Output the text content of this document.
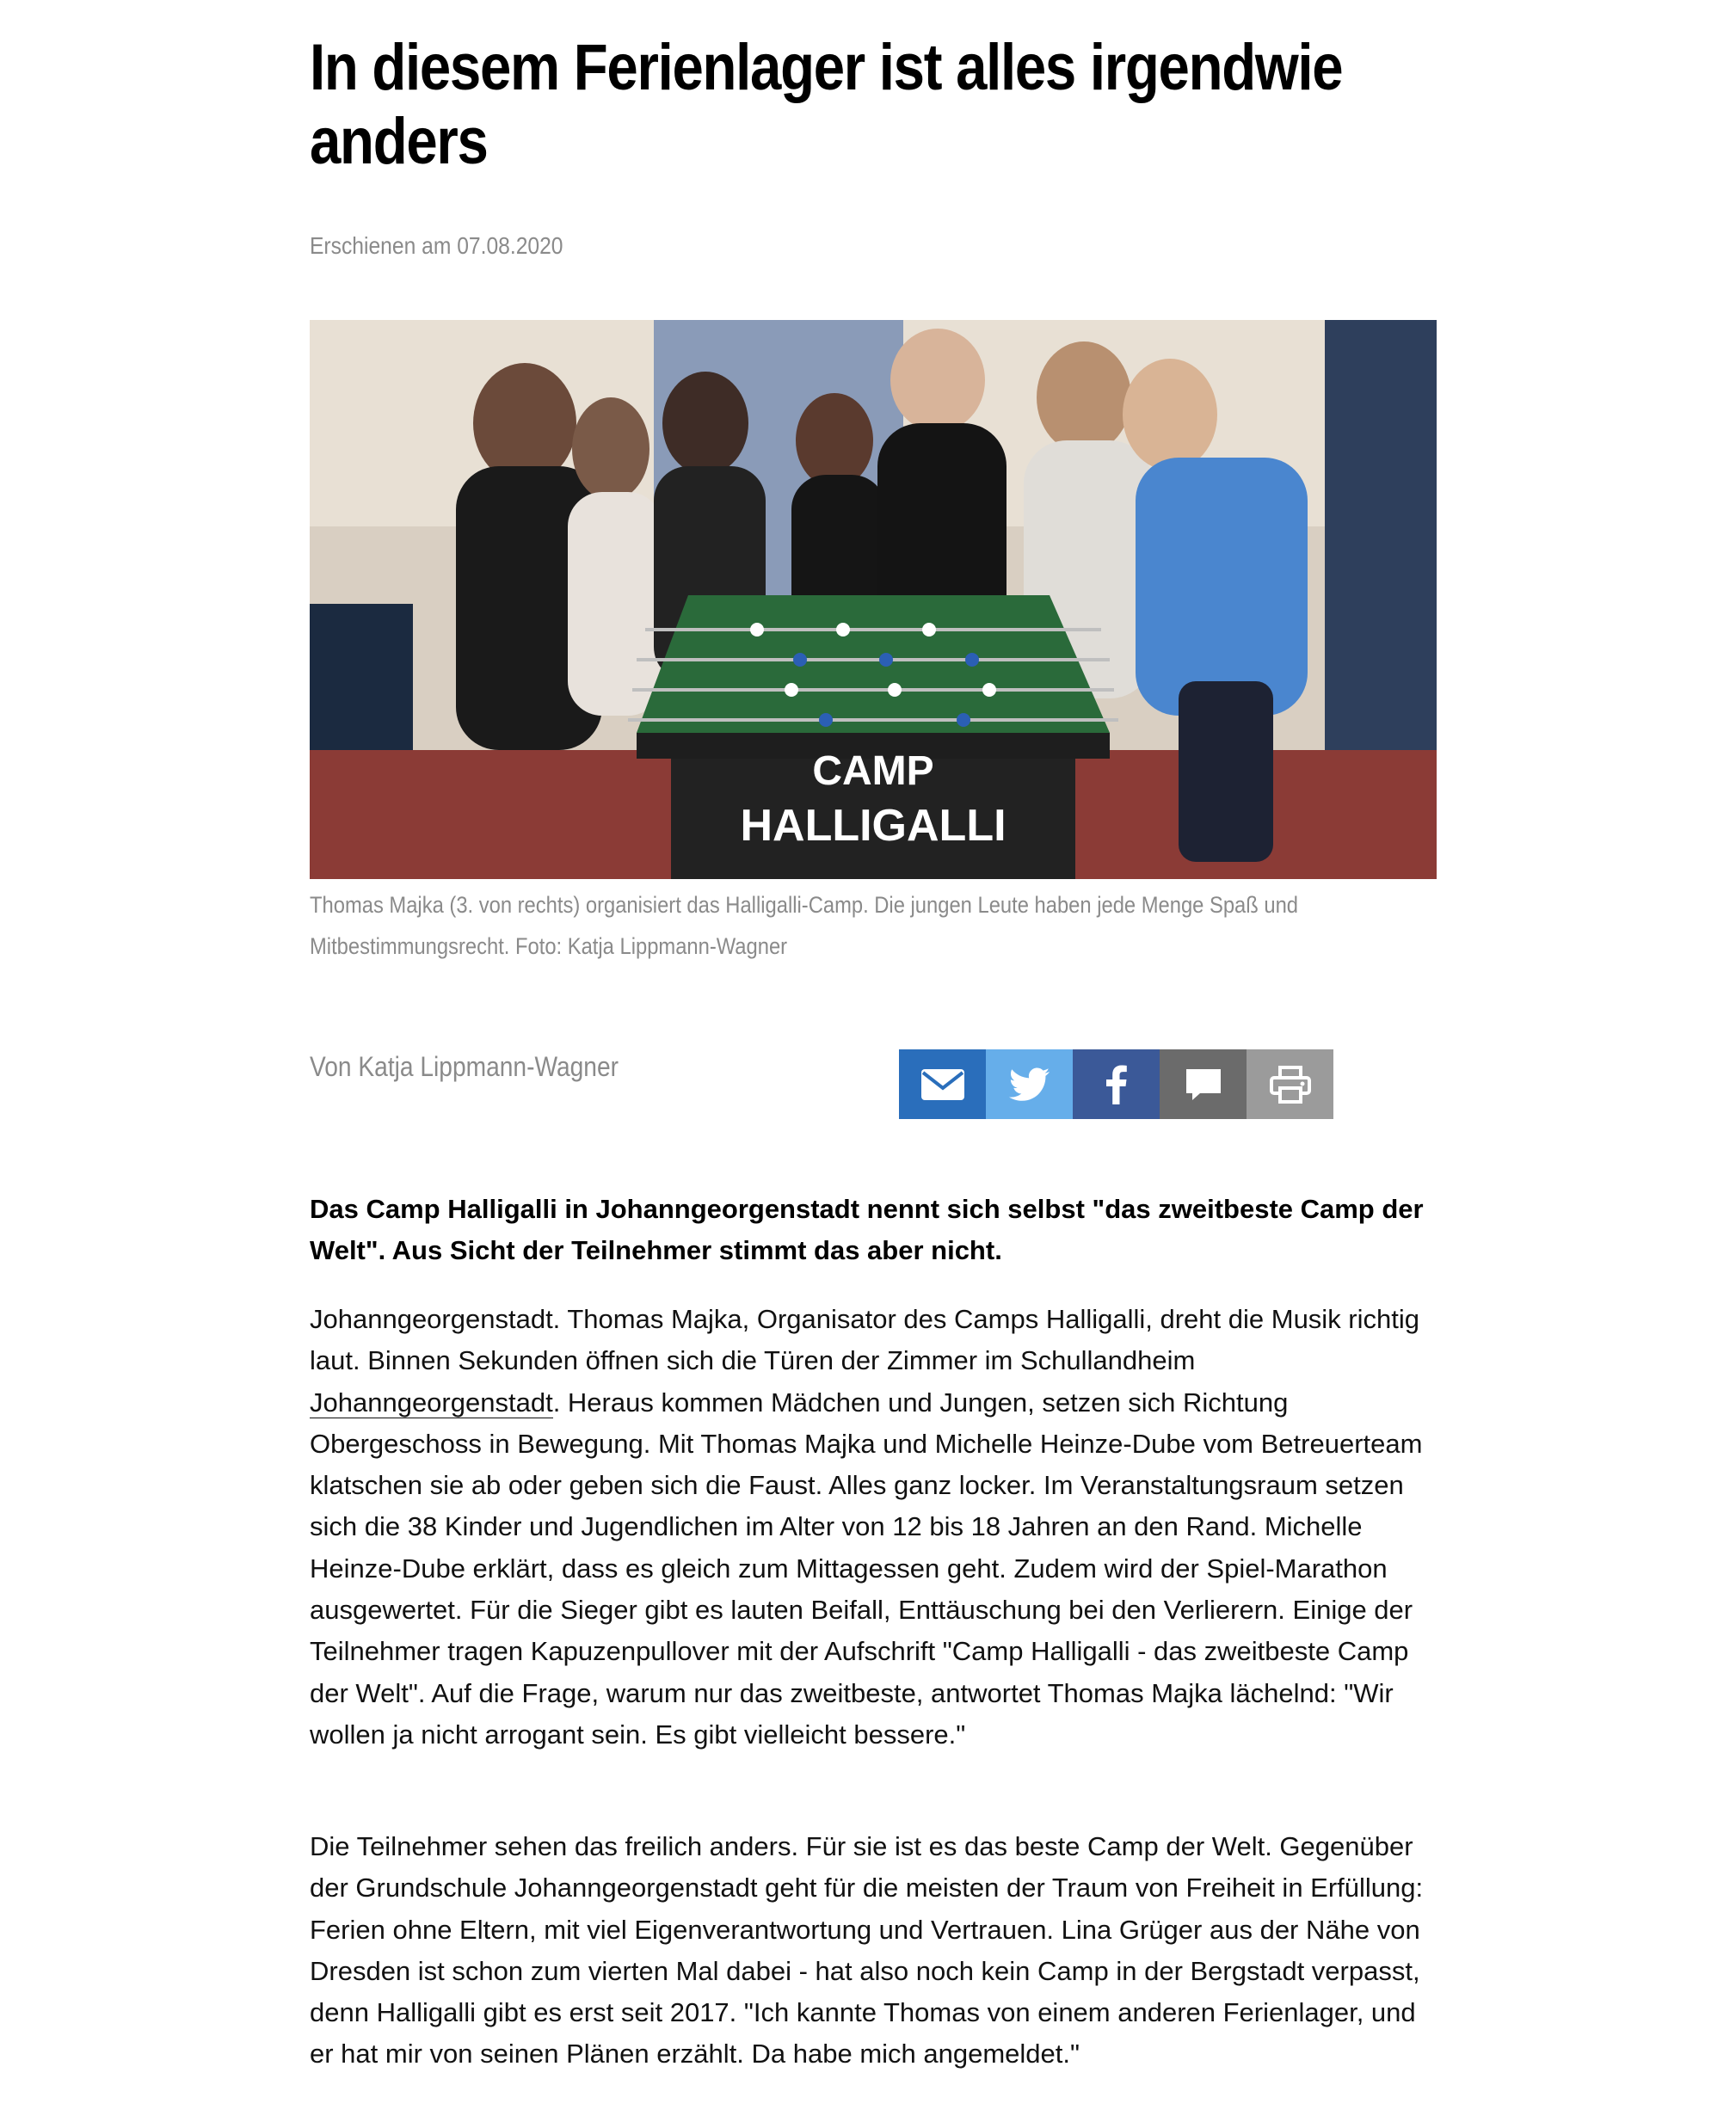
In diesem Ferienlager ist alles irgendwie anders
Erschienen am 07.08.2020
CAMP
HALLIGALLI
Thomas Majka (3. von rechts) organisiert das Halligalli-Camp. Die jungen Leute haben jede Menge Spaß und Mitbestimmungsrecht. Foto: Katja Lippmann-Wagner
Von Katja Lippmann-Wagner

Das Camp Halligalli in Johanngeorgenstadt nennt sich selbst "das zweitbeste Camp der Welt". Aus Sicht der Teilnehmer stimmt das aber nicht.

Johanngeorgenstadt. Thomas Majka, Organisator des Camps Halligalli, dreht die Musik richtig laut. Binnen Sekunden öffnen sich die Türen der Zimmer im Schullandheim Johanngeorgenstadt. Heraus kommen Mädchen und Jungen, setzen sich Richtung Obergeschoss in Bewegung. Mit Thomas Majka und Michelle Heinze-Dube vom Betreuerteam klatschen sie ab oder geben sich die Faust. Alles ganz locker. Im Veranstaltungsraum setzen sich die 38 Kinder und Jugendlichen im Alter von 12 bis 18 Jahren an den Rand. Michelle Heinze-Dube erklärt, dass es gleich zum Mittagessen geht. Zudem wird der Spiel-Marathon ausgewertet. Für die Sieger gibt es lauten Beifall, Enttäuschung bei den Verlierern. Einige der Teilnehmer tragen Kapuzenpullover mit der Aufschrift "Camp Halligalli - das zweitbeste Camp der Welt". Auf die Frage, warum nur das zweitbeste, antwortet Thomas Majka lächelnd: "Wir wollen ja nicht arrogant sein. Es gibt vielleicht bessere."

Die Teilnehmer sehen das freilich anders. Für sie ist es das beste Camp der Welt. Gegenüber der Grundschule Johanngeorgenstadt geht für die meisten der Traum von Freiheit in Erfüllung: Ferien ohne Eltern, mit viel Eigenverantwortung und Vertrauen. Lina Grüger aus der Nähe von Dresden ist schon zum vierten Mal dabei - hat also noch kein Camp in der Bergstadt verpasst, denn Halligalli gibt es erst seit 2017. "Ich kannte Thomas von einem anderen Ferienlager, und er hat mir von seinen Plänen erzählt. Da habe mich angemeldet."
